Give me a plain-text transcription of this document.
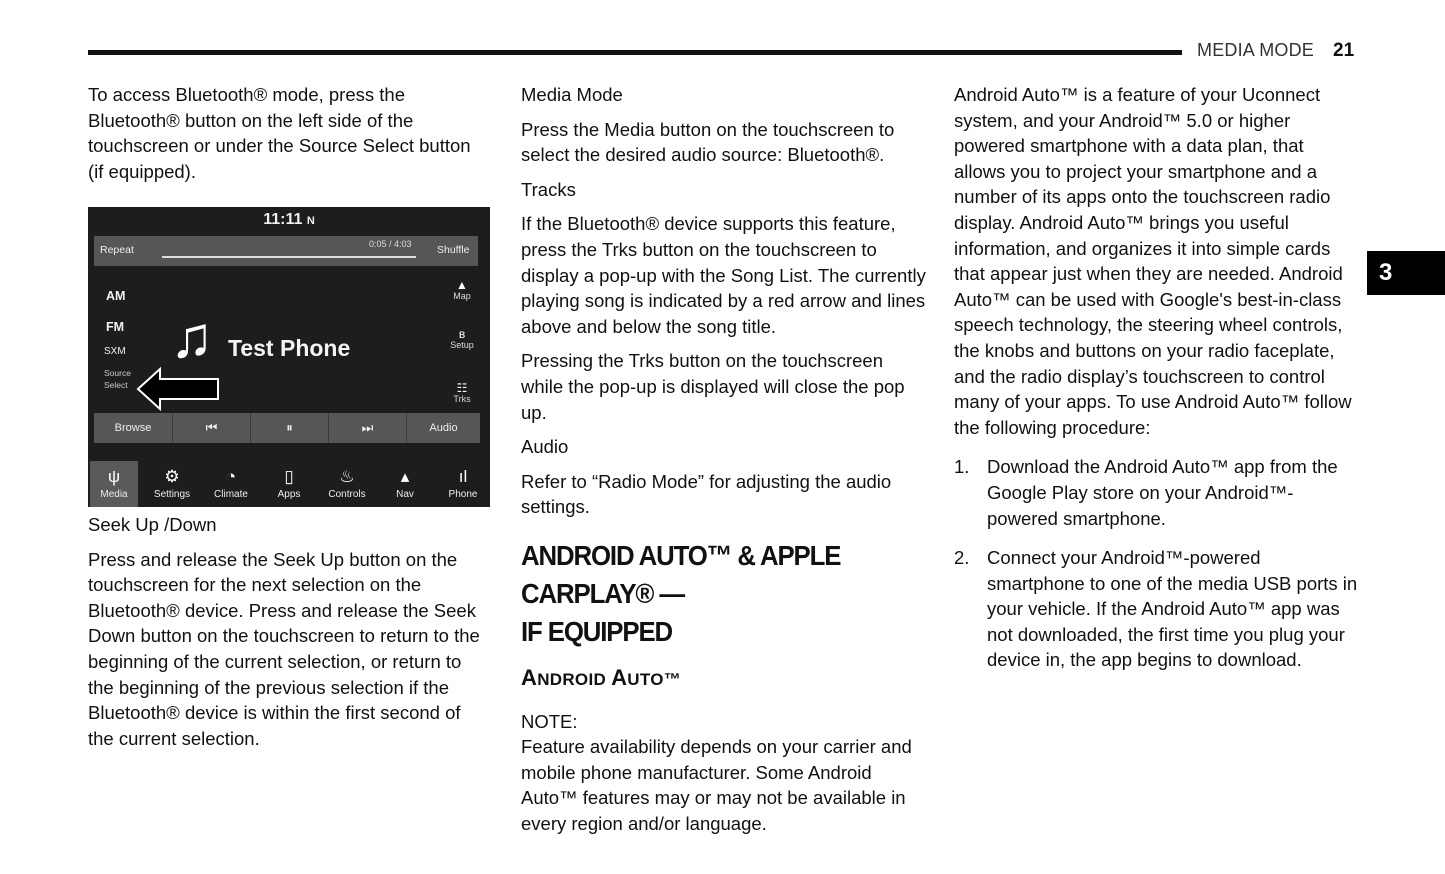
MEDIA MODE 21
3

To access Bluetooth® mode, press the Bluetooth® button on the left side of the touchscreen or under the Source Select button (if equipped).

11:11 N
Repeat	Shuffle
0:05 / 4:03
AM
FM
SXM
Source
Select
♫ Test Phone
▲
Map
ʙ
Setup
☷
Trks
Browse	⏮	⏸	⏭	Audio
ψ
Media
⚙
Settings
◔
Climate
▯
Apps
♨
Controls
▴
Nav
ıl
Phone

Seek Up /Down

Press and release the Seek Up button on the touchscreen for the next selection on the Bluetooth® device. Press and release the Seek Down button on the touchscreen to return to the beginning of the current selection, or return to the beginning of the previous selection if the Bluetooth® device is within the first second of the current selection.

Media Mode

Press the Media button on the touchscreen to select the desired audio source: Bluetooth®.

Tracks

If the Bluetooth® device supports this feature, press the Trks button on the touchscreen to display a pop-up with the Song List. The currently playing song is indicated by a red arrow and lines above and below the song title.

Pressing the Trks button on the touchscreen while the pop-up is displayed will close the pop up.

Audio

Refer to “Radio Mode” for adjusting the audio settings.

ANDROID AUTO™ & APPLE CARPLAY® —
IF EQUIPPED
ANDROID AUTO™

NOTE:

Feature availability depends on your carrier and mobile phone manufacturer. Some Android Auto™ features may or may not be available in every region and/or language.

Android Auto™ is a feature of your Uconnect system, and your Android™ 5.0 or higher powered smartphone with a data plan, that allows you to project your smartphone and a number of its apps onto the touchscreen radio display. Android Auto™ brings you useful information, and organizes it into simple cards that appear just when they are needed. Android Auto™ can be used with Google's best-in-class speech technology, the steering wheel controls, the knobs and buttons on your radio faceplate, and the radio display’s touchscreen to control many of your apps. To use Android Auto™ follow the following procedure:

1. Download the Android Auto™ app from the Google Play store on your Android™-powered smartphone.
2. Connect your Android™-powered smartphone to one of the media USB ports in your vehicle. If the Android Auto™ app was not downloaded, the first time you plug your device in, the app begins to download.
